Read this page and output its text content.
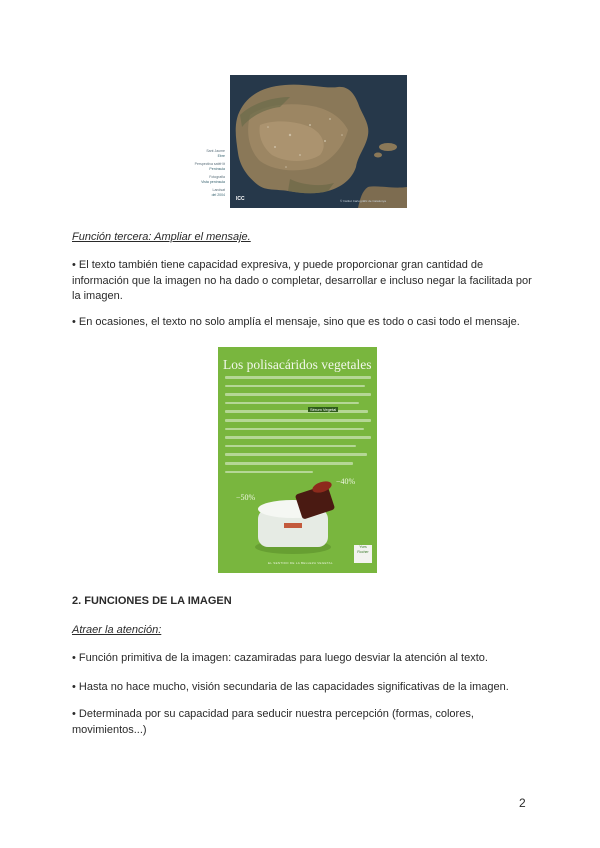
Sant Jaume
Ebre
Perspectiva satèl·lit
Península
Fotografia
Vista península
Landsat
del 2004
ICC	© Institut Cartogràfic de Catalunya
Función tercera: Ampliar el mensaje.
• El texto también tiene capacidad expresiva, y puede proporcionar gran cantidad de información que la imagen no ha dado o completar, desarrollar e incluso negar la facilitada por la imagen.
• En ocasiones, el texto no solo amplía el mensaje, sino que es todo o casi todo el mensaje.
Los polisacáridos vegetales
Sérum Vegetal
−50%
−40%
Yves Rocher
EL SENTIDO DE LA BELLEZA VEGETAL
2. FUNCIONES DE LA IMAGEN
Atraer la atención:
• Función primitiva de la imagen: cazamiradas para luego desviar la atención al texto.
• Hasta no hace mucho, visión secundaria de las capacidades significativas de la imagen.
• Determinada por su capacidad para seducir nuestra percepción (formas, colores, movimientos...)
2
